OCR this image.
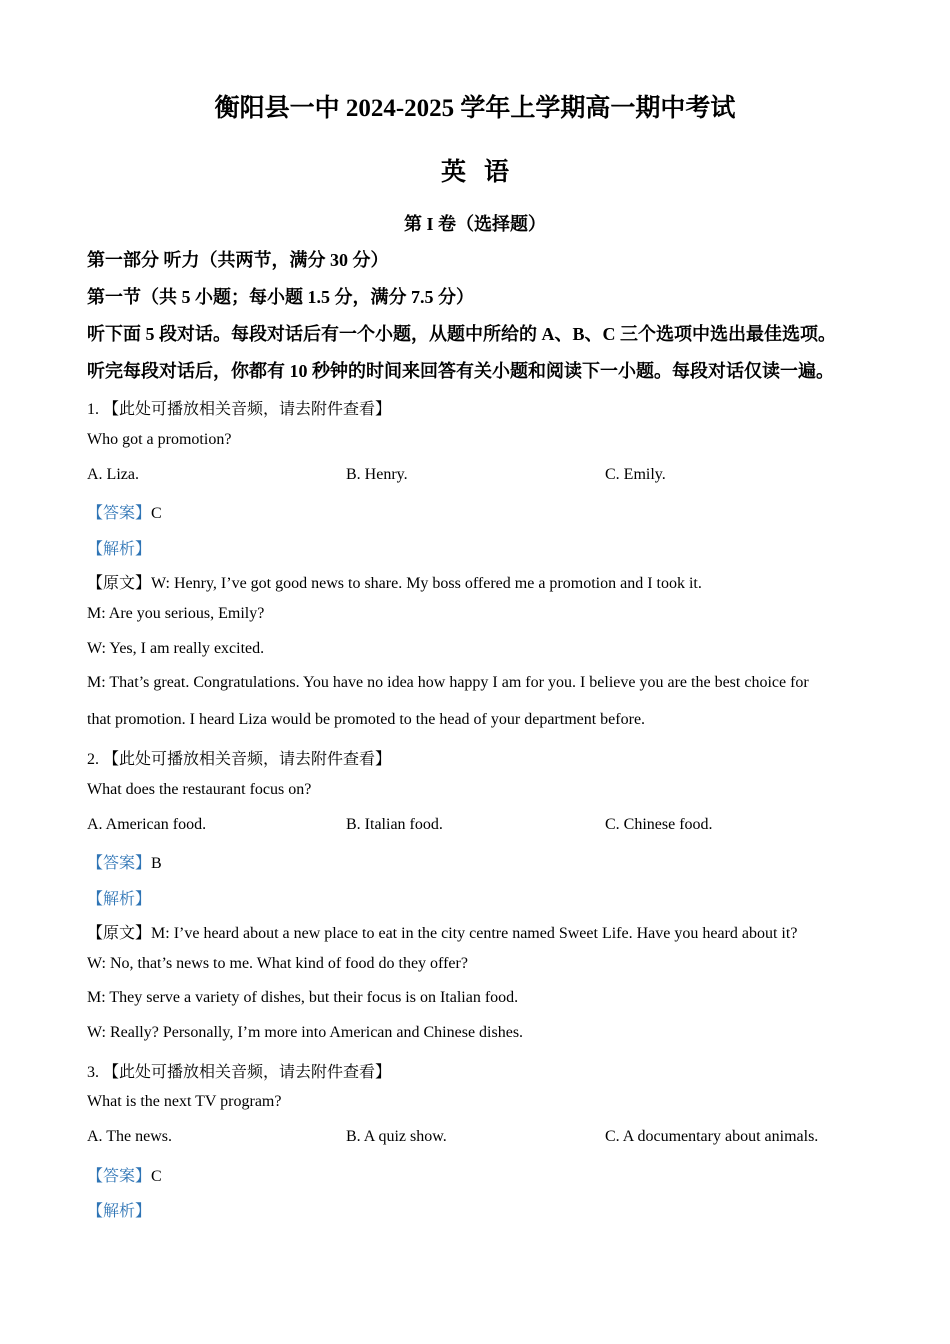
衡阳县一中 2024-2025 学年上学期高一期中考试
英语
第 I 卷（选择题）
第一部分 听力（共两节，满分 30 分）
第一节（共 5 小题；每小题 1.5 分，满分 7.5 分）
听下面 5 段对话。每段对话后有一个小题，从题中所给的 A、B、C 三个选项中选出最佳选项。
听完每段对话后，你都有 10 秒钟的时间来回答有关小题和阅读下一小题。每段对话仅读一遍。
1. 【此处可播放相关音频，请去附件查看】
Who got a promotion?
A. Liza.	B. Henry.	C. Emily.
【答案】C
【解析】
【原文】W: Henry, I’ve got good news to share. My boss offered me a promotion and I took it.
M: Are you serious, Emily?
W: Yes, I am really excited.
M: That’s great. Congratulations. You have no idea how happy I am for you. I believe you are the best choice for
that promotion. I heard Liza would be promoted to the head of your department before.
2. 【此处可播放相关音频，请去附件查看】
What does the restaurant focus on?
A. American food.	B. Italian food.	C. Chinese food.
【答案】B
【解析】
【原文】M: I’ve heard about a new place to eat in the city centre named Sweet Life. Have you heard about it?
W: No, that’s news to me. What kind of food do they offer?
M: They serve a variety of dishes, but their focus is on Italian food.
W: Really? Personally, I’m more into American and Chinese dishes.
3. 【此处可播放相关音频，请去附件查看】
What is the next TV program?
A. The news.	B. A quiz show.	C. A documentary about animals.
【答案】C
【解析】
